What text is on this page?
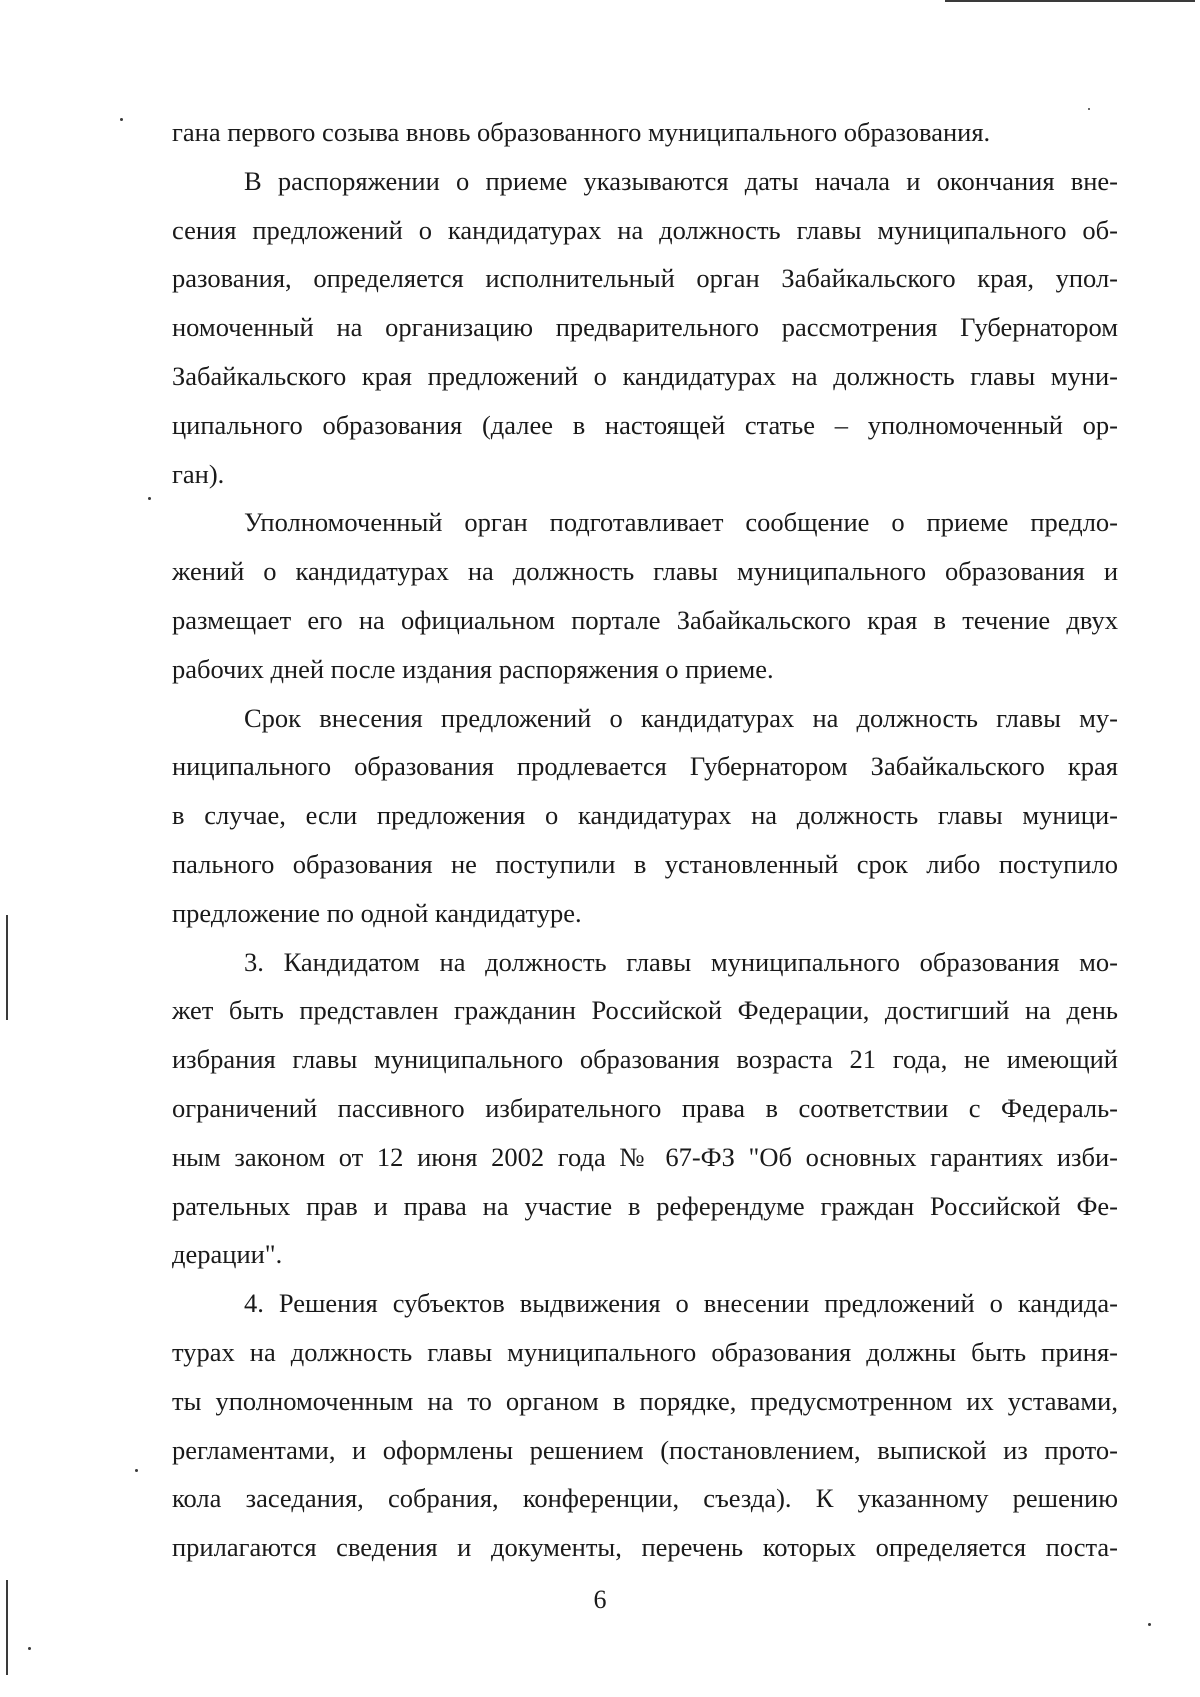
гана первого созыва вновь образованного муниципального образования.
В распоряжении о приеме указываются даты начала и окончания вне-
сения предложений о кандидатурах на должность главы муниципального об-
разования, определяется исполнительный орган Забайкальского края, упол-
номоченный на организацию предварительного рассмотрения Губернатором
Забайкальского края предложений о кандидатурах на должность главы муни-
ципального образования (далее в настоящей статье – уполномоченный ор-
ган).
Уполномоченный орган подготавливает сообщение о приеме предло-
жений о кандидатурах на должность главы муниципального образования и
размещает его на официальном портале Забайкальского края в течение двух
рабочих дней после издания распоряжения о приеме.
Срок внесения предложений о кандидатурах на должность главы му-
ниципального образования продлевается Губернатором Забайкальского края
в случае, если предложения о кандидатурах на должность главы муници-
пального образования не поступили в установленный срок либо поступило
предложение по одной кандидатуре.
3. Кандидатом на должность главы муниципального образования мо-
жет быть представлен гражданин Российской Федерации, достигший на день
избрания главы муниципального образования возраста 21 года, не имеющий
ограничений пассивного избирательного права в соответствии с Федераль-
ным законом от 12 июня 2002 года № 67-ФЗ "Об основных гарантиях изби-
рательных прав и права на участие в референдуме граждан Российской Фе-
дерации".
4. Решения субъектов выдвижения о внесении предложений о кандида-
турах на должность главы муниципального образования должны быть приня-
ты уполномоченным на то органом в порядке, предусмотренном их уставами,
регламентами, и оформлены решением (постановлением, выпиской из прото-
кола заседания, собрания, конференции, съезда). К указанному решению
прилагаются сведения и документы, перечень которых определяется поста-
6
